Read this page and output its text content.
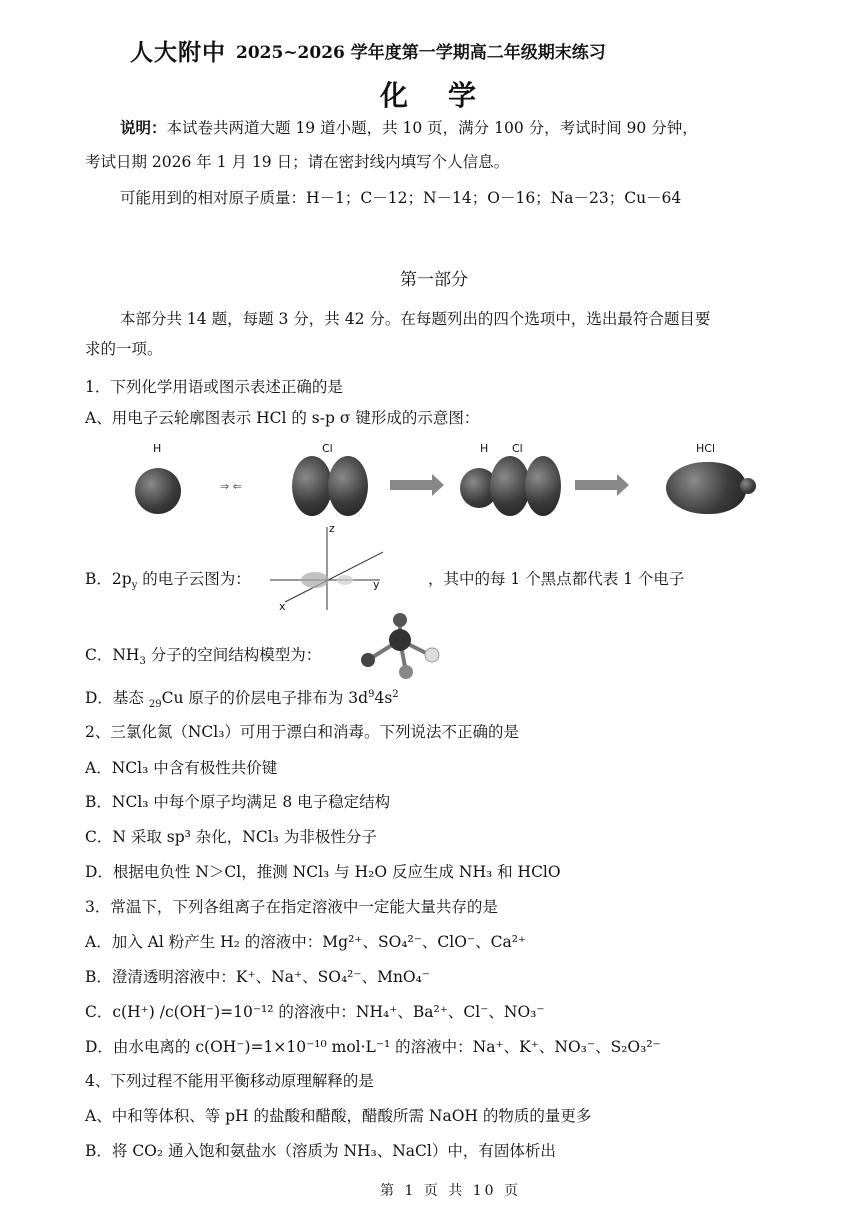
人大附中 2025~2026 学年度第一学期高二年级期末练习
化学
说明：本试卷共两道大题 19 道小题，共 10 页，满分 100 分，考试时间 90 分钟，
考试日期 2026 年 1 月 19 日；请在密封线内填写个人信息。
可能用到的相对原子质量：H－1；C－12；N－14；O－16；Na－23；Cu－64
第一部分
本部分共 14 题，每题 3 分，共 42 分。在每题列出的四个选项中，选出最符合题目要
求的一项。
1．下列化学用语或图示表述正确的是
A、用电子云轮廓图表示 HCl 的 s-p σ 键形成的示意图：
H
⇒ ⇐
Cl	H Cl	HCl
B．$2p_y$ 的电子云图为：
z
y
x
，其中的每 1 个黑点都代表 1 个电子
C．$NH_3$ 分子的空间结构模型为：
D．基态 $_{29}$Cu 原子的价层电子排布为 $3d^94s^2$
2、三氯化氮（NCl₃）可用于漂白和消毒。下列说法不正确的是
A．NCl₃ 中含有极性共价键
B．NCl₃ 中每个原子均满足 8 电子稳定结构
C．N 采取 sp³ 杂化，NCl₃ 为非极性分子
D．根据电负性 N＞Cl，推测 NCl₃ 与 H₂O 反应生成 NH₃ 和 HClO
3．常温下，下列各组离子在指定溶液中一定能大量共存的是
A．加入 Al 粉产生 H₂ 的溶液中：Mg²⁺、SO₄²⁻、ClO⁻、Ca²⁺
B．澄清透明溶液中：K⁺、Na⁺、SO₄²⁻、MnO₄⁻
C．c(H⁺) /c(OH⁻)=10⁻¹² 的溶液中：NH₄⁺、Ba²⁺、Cl⁻、NO₃⁻
D．由水电离的 c(OH⁻)=1×10⁻¹⁰ mol·L⁻¹ 的溶液中：Na⁺、K⁺、NO₃⁻、S₂O₃²⁻
4、下列过程不能用平衡移动原理解释的是
A、中和等体积、等 pH 的盐酸和醋酸，醋酸所需 NaOH 的物质的量更多
B．将 CO₂ 通入饱和氨盐水（溶质为 NH₃、NaCl）中，有固体析出
第 1 页 共 10 页
